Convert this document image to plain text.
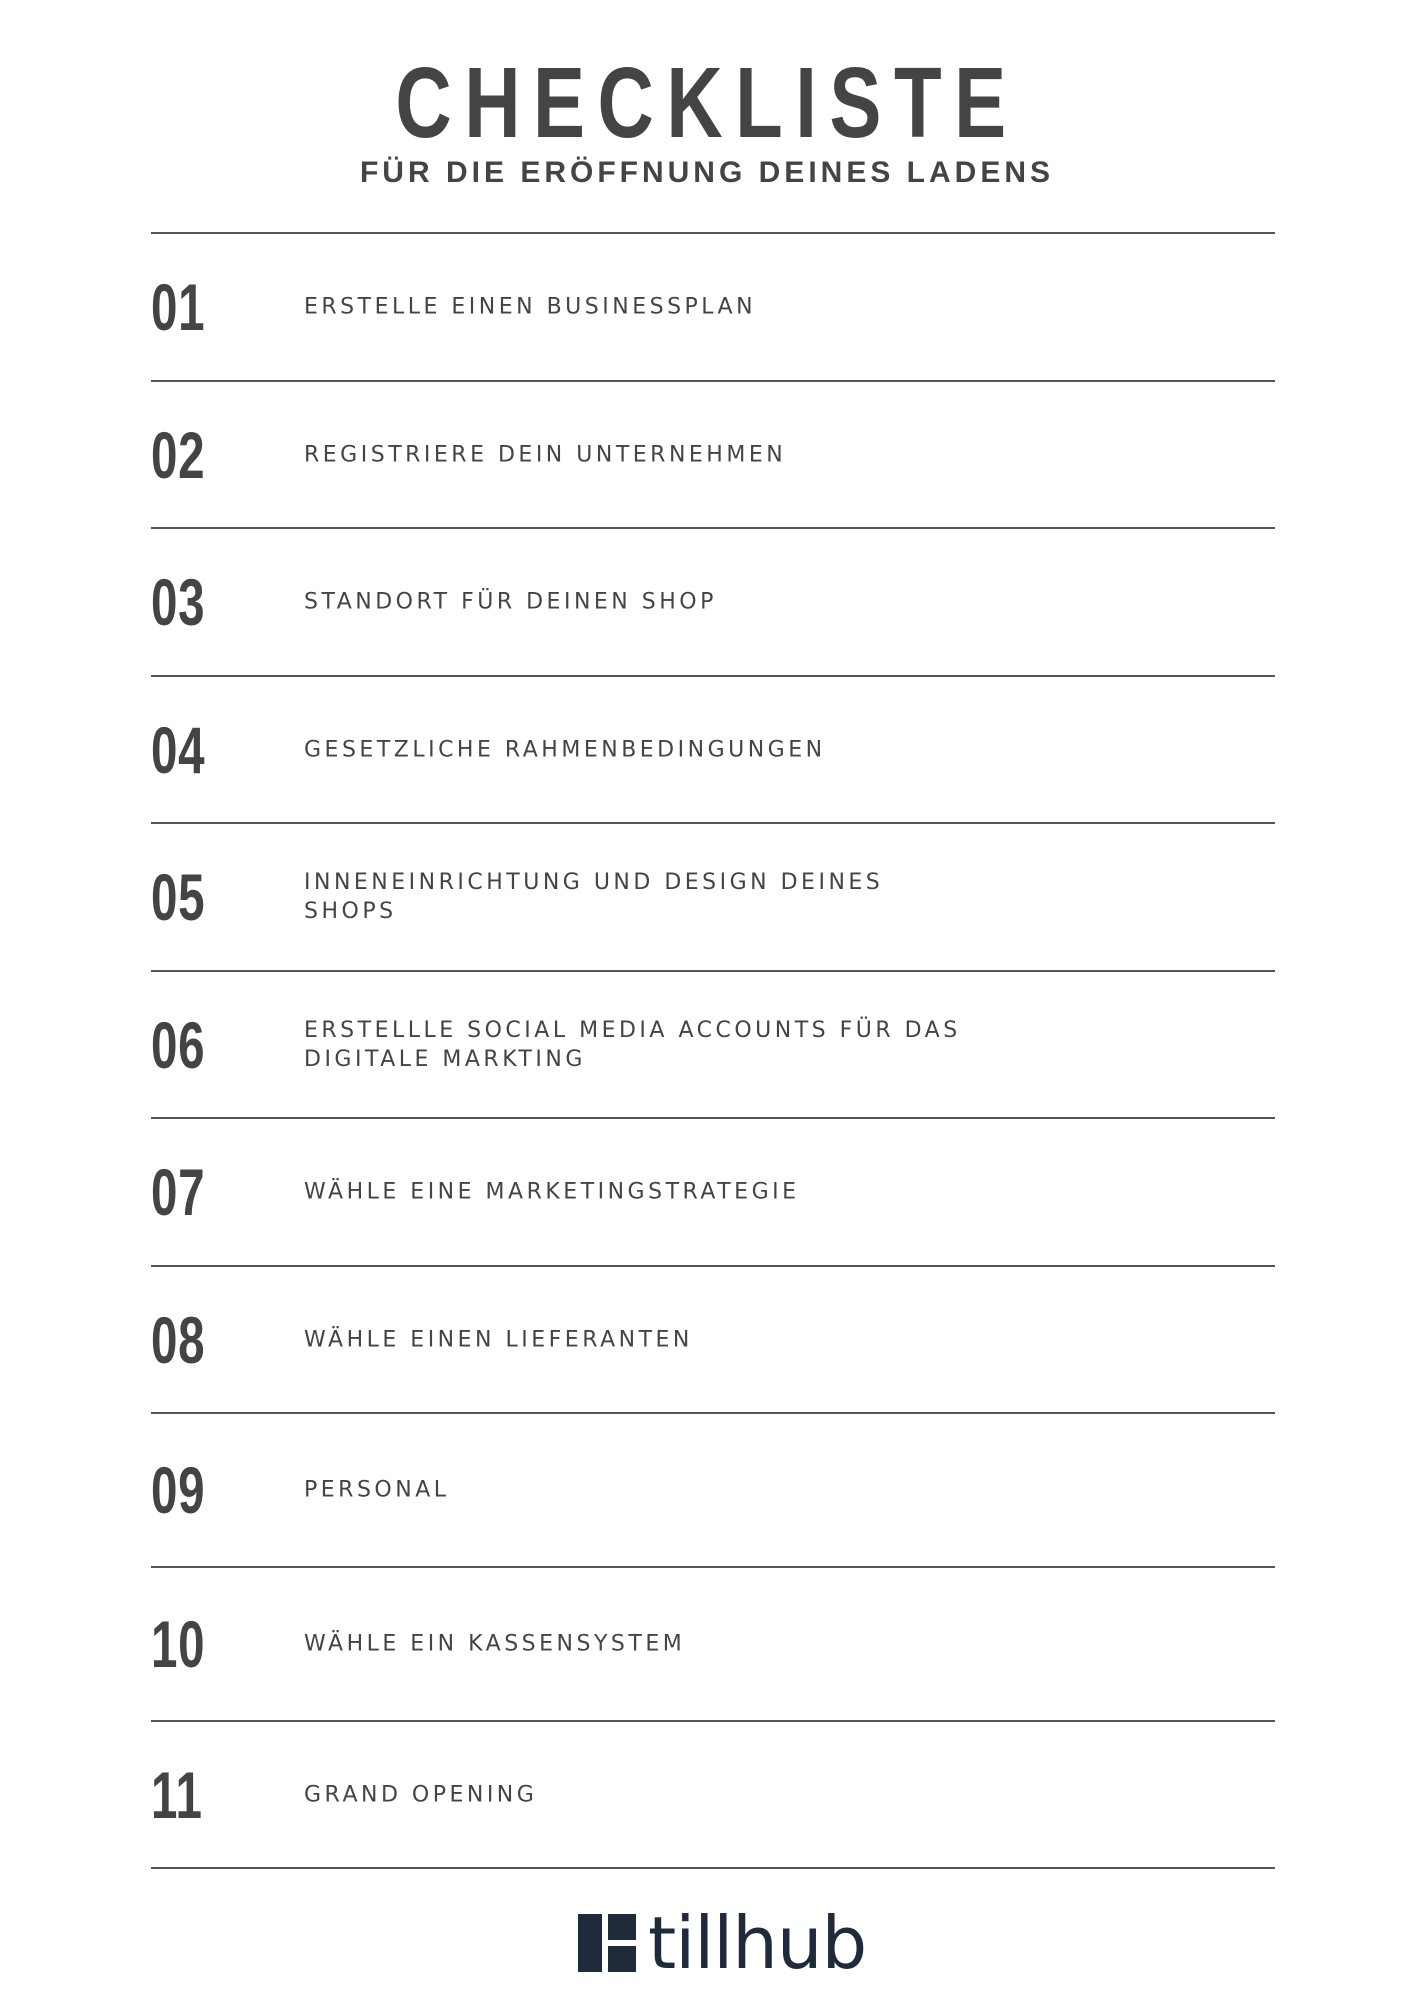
CHECKLISTE
FÜR DIE ERÖFFNUNG DEINES LADENS
01	ERSTELLE EINEN BUSINESSPLAN
02	REGISTRIERE DEIN UNTERNEHMEN
03	STANDORT FÜR DEINEN SHOP
04	GESETZLICHE RAHMENBEDINGUNGEN
05	INNENEINRICHTUNG UND DESIGN DEINES SHOPS
06	ERSTELLLE SOCIAL MEDIA ACCOUNTS FÜR DAS DIGITALE MARKTING
07	WÄHLE EINE MARKETINGSTRATEGIE
08	WÄHLE EINEN LIEFERANTEN
09	PERSONAL
10	WÄHLE EIN KASSENSYSTEM
11	GRAND OPENING
tillhub
